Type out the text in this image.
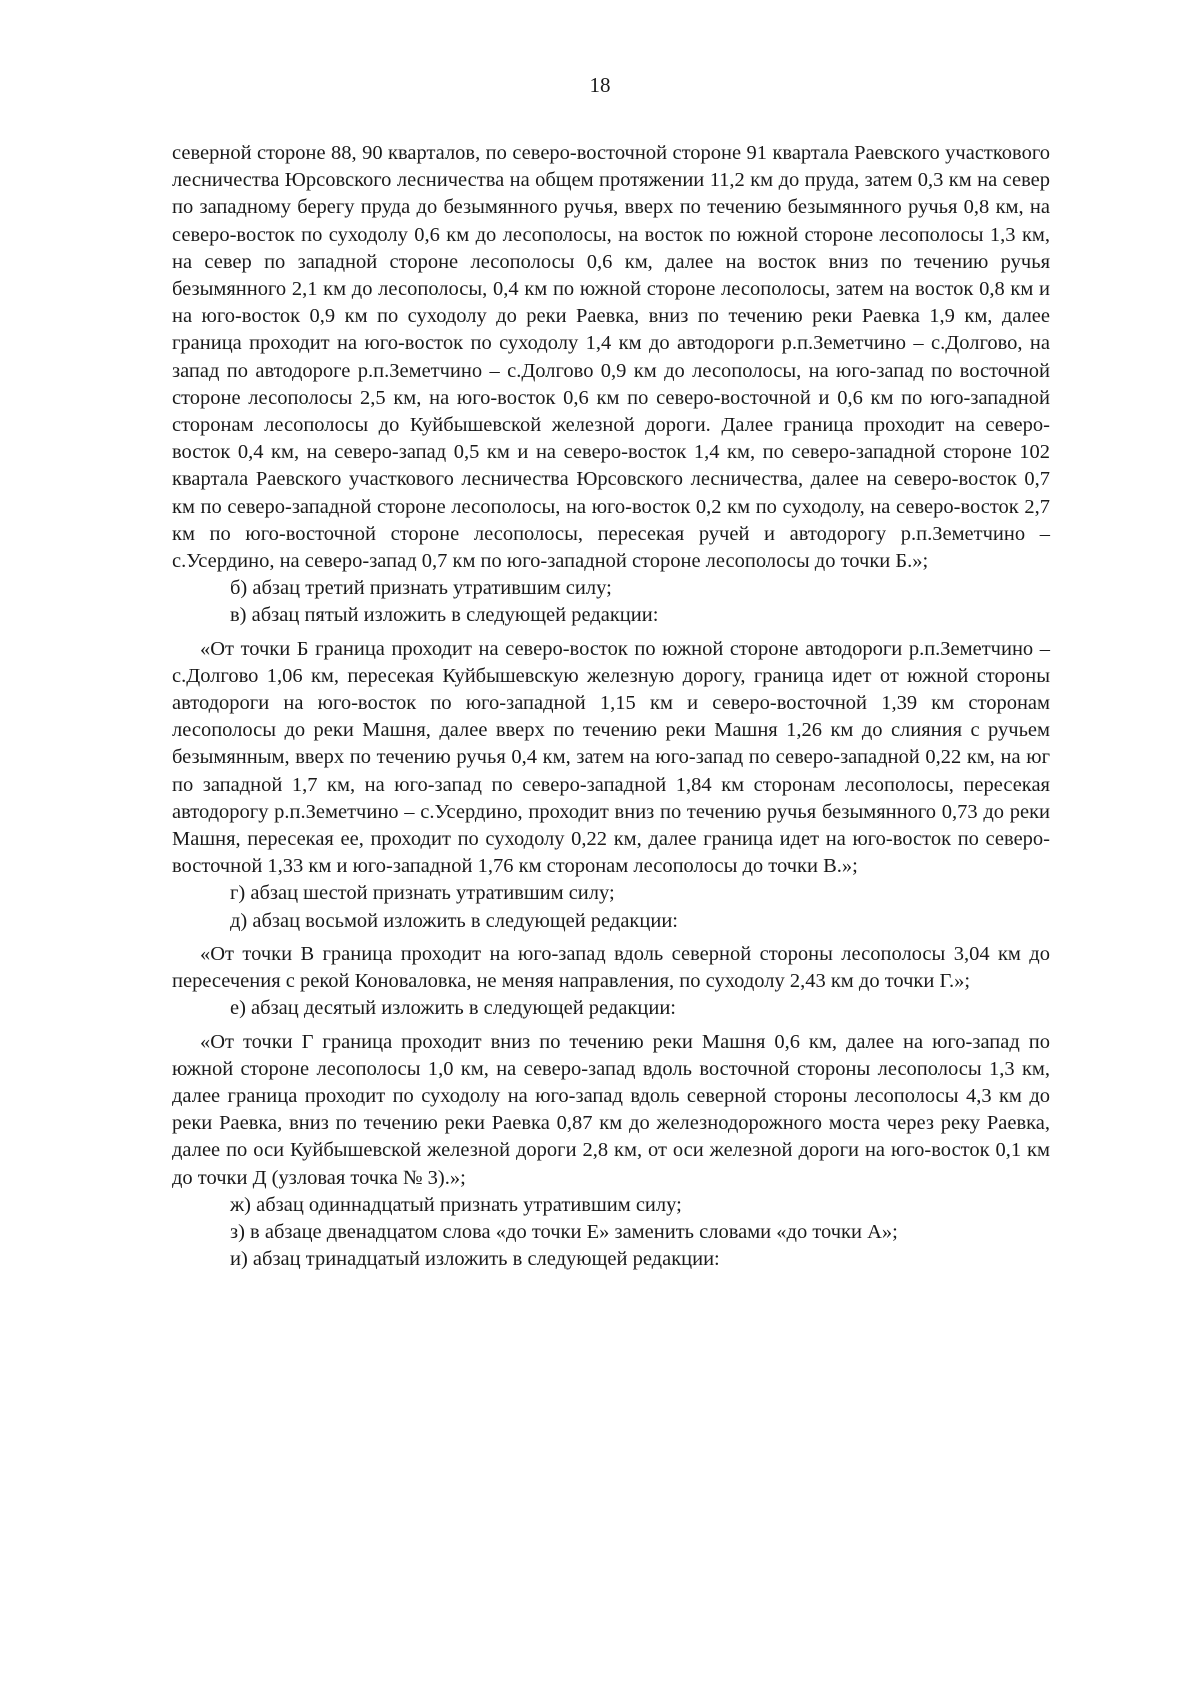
18

северной стороне 88, 90 кварталов, по северо-восточной стороне 91 квартала Раевского участкового лесничества Юрсовского лесничества на общем протяжении 11,2 км до пруда, затем 0,3 км на север по западному берегу пруда до безымянного ручья, вверх по течению безымянного ручья 0,8 км, на северо-восток по суходолу 0,6 км до лесополосы, на восток по южной стороне лесополосы 1,3 км, на север по западной стороне лесополосы 0,6 км, далее на восток вниз по течению ручья безымянного 2,1 км до лесополосы, 0,4 км по южной стороне лесополосы, затем на восток 0,8 км и на юго-восток 0,9 км по суходолу до реки Раевка, вниз по течению реки Раевка 1,9 км, далее граница проходит на юго-восток по суходолу 1,4 км до автодороги р.п.Земетчино – с.Долгово, на запад по автодороге р.п.Земетчино – с.Долгово 0,9 км до лесополосы, на юго-запад по восточной стороне лесополосы 2,5 км, на юго-восток 0,6 км по северо-восточной и 0,6 км по юго-западной сторонам лесополосы до Куйбышевской железной дороги. Далее граница проходит на северо-восток 0,4 км, на северо-запад 0,5 км и на северо-восток 1,4 км, по северо-западной стороне 102 квартала Раевского участкового лесничества Юрсовского лесничества, далее на северо-восток 0,7 км по северо-западной стороне лесополосы, на юго-восток 0,2 км по суходолу, на северо-восток 2,7 км по юго-восточной стороне лесополосы, пересекая ручей и автодорогу р.п.Земетчино – с.Усердино, на северо-запад 0,7 км по юго-западной стороне лесополосы до точки Б.»;

б) абзац третий признать утратившим силу;

в) абзац пятый изложить в следующей редакции:

«От точки Б граница проходит на северо-восток по южной стороне автодороги р.п.Земетчино – с.Долгово 1,06 км, пересекая Куйбышевскую железную дорогу, граница идет от южной стороны автодороги на юго-восток по юго-западной 1,15 км и северо-восточной 1,39 км сторонам лесополосы до реки Машня, далее вверх по течению реки Машня 1,26 км до слияния с ручьем безымянным, вверх по течению ручья 0,4 км, затем на юго-запад по северо-западной 0,22 км, на юг по западной 1,7 км, на юго-запад по северо-западной 1,84 км сторонам лесополосы, пересекая автодорогу р.п.Земетчино – с.Усердино, проходит вниз по течению ручья безымянного 0,73 до реки Машня, пересекая ее, проходит по суходолу 0,22 км, далее граница идет на юго-восток по северо-восточной 1,33 км и юго-западной 1,76 км сторонам лесополосы до точки В.»;

г) абзац шестой признать утратившим силу;

д) абзац восьмой изложить в следующей редакции:

«От точки В граница проходит на юго-запад вдоль северной стороны лесополосы 3,04 км до пересечения с рекой Коноваловка, не меняя направления, по суходолу 2,43 км до точки Г.»;

е) абзац десятый изложить в следующей редакции:

«От точки Г граница проходит вниз по течению реки Машня 0,6 км, далее на юго-запад по южной стороне лесополосы 1,0 км, на северо-запад вдоль восточной стороны лесополосы 1,3 км, далее граница проходит по суходолу на юго-запад вдоль северной стороны лесополосы 4,3 км до реки Раевка, вниз по течению реки Раевка 0,87 км до железнодорожного моста через реку Раевка, далее по оси Куйбышевской железной дороги 2,8 км, от оси железной дороги на юго-восток 0,1 км до точки Д (узловая точка № 3).»;

ж) абзац одиннадцатый признать утратившим силу;

з) в абзаце двенадцатом слова «до точки Е» заменить словами «до точки А»;

и) абзац тринадцатый изложить в следующей редакции:
